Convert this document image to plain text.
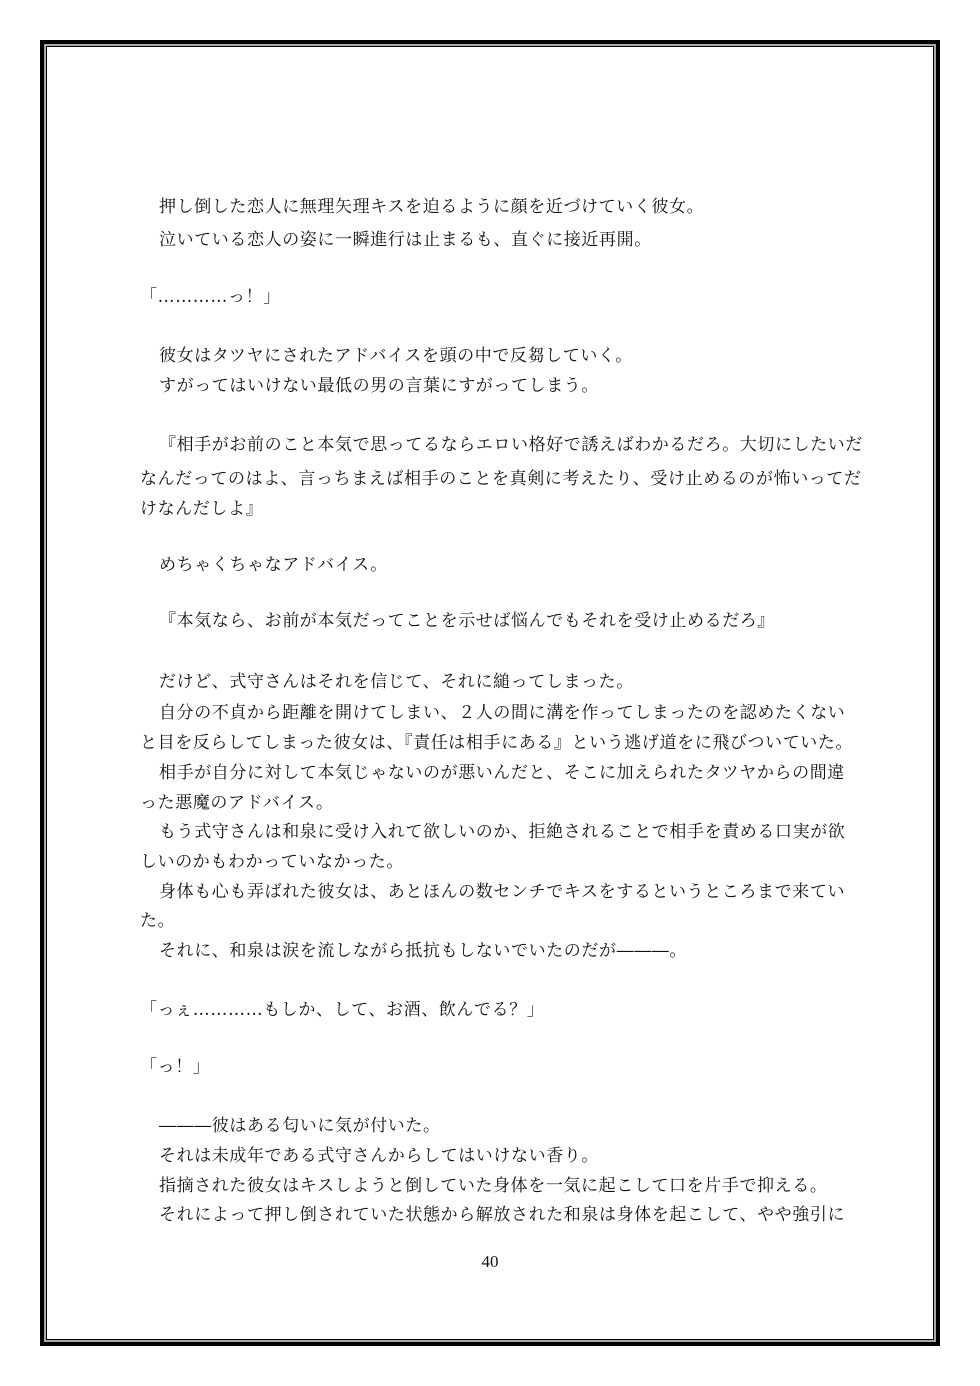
押し倒した恋人に無理矢理キスを迫るように顔を近づけていく彼女。
泣いている恋人の姿に一瞬進行は止まるも、直ぐに接近再開。
「…………っ！」
彼女はタツヤにされたアドバイスを頭の中で反芻していく。
すがってはいけない最低の男の言葉にすがってしまう。
『相手がお前のこと本気で思ってるならエロい格好で誘えばわかるだろ。大切にしたいだ
なんだってのはよ、言っちまえば相手のことを真剣に考えたり、受け止めるのが怖いってだ
けなんだしよ』
めちゃくちゃなアドバイス。
『本気なら、お前が本気だってことを示せば悩んでもそれを受け止めるだろ』
だけど、式守さんはそれを信じて、それに縋ってしまった。
自分の不貞から距離を開けてしまい、２人の間に溝を作ってしまったのを認めたくない
と目を反らしてしまった彼女は、『責任は相手にある』という逃げ道をに飛びついていた。
相手が自分に対して本気じゃないのが悪いんだと、そこに加えられたタツヤからの間違
った悪魔のアドバイス。
もう式守さんは和泉に受け入れて欲しいのか、拒絶されることで相手を責める口実が欲
しいのかもわかっていなかった。
身体も心も弄ばれた彼女は、あとほんの数センチでキスをするというところまで来てい
た。
それに、和泉は涙を流しながら抵抗もしないでいたのだが―――。
「っぇ…………もしか、して、お酒、飲んでる？」
「っ！」
―――彼はある匂いに気が付いた。
それは未成年である式守さんからしてはいけない香り。
指摘された彼女はキスしようと倒していた身体を一気に起こして口を片手で抑える。
それによって押し倒されていた状態から解放された和泉は身体を起こして、やや強引に
40
